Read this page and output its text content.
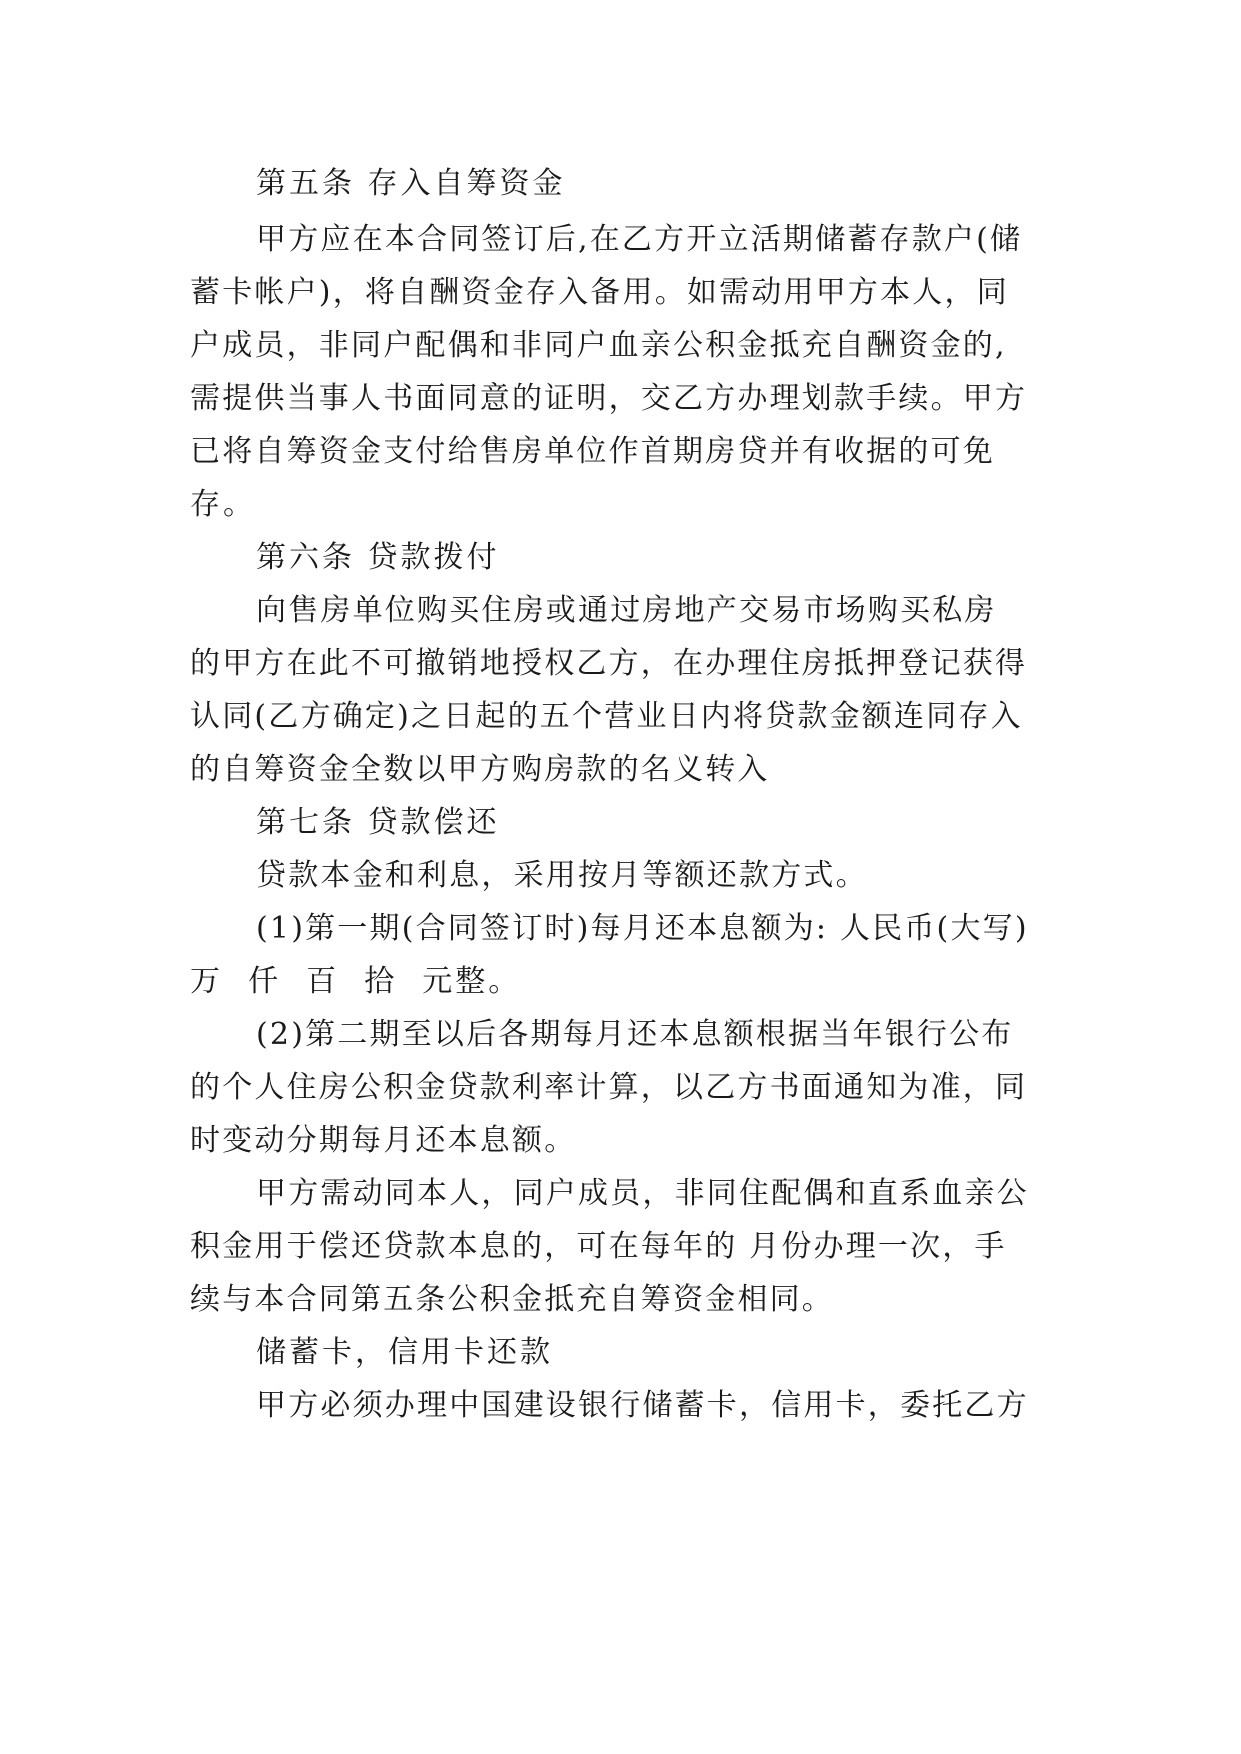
第五条 存入自筹资金

甲方应在本合同签订后,在乙方开立活期储蓄存款户(储

蓄卡帐户)，将自酬资金存入备用。如需动用甲方本人，同

户成员，非同户配偶和非同户血亲公积金抵充自酬资金的,

需提供当事人书面同意的证明，交乙方办理划款手续。甲方

已将自筹资金支付给售房单位作首期房贷并有收据的可免

存。

第六条 贷款拨付

向售房单位购买住房或通过房地产交易市场购买私房

的甲方在此不可撤销地授权乙方，在办理住房抵押登记获得

认同(乙方确定)之日起的五个营业日内将贷款金额连同存入

的自筹资金全数以甲方购房款的名义转入

第七条 贷款偿还

贷款本金和利息，采用按月等额还款方式。

(1)第一期(合同签订时)每月还本息额为: 人民币(大写)

万  仟  百  拾  元整。

(2)第二期至以后各期每月还本息额根据当年银行公布

的个人住房公积金贷款利率计算，以乙方书面通知为准，同

时变动分期每月还本息额。

甲方需动同本人，同户成员，非同住配偶和直系血亲公

积金用于偿还贷款本息的，可在每年的 月份办理一次，手

续与本合同第五条公积金抵充自筹资金相同。

储蓄卡，信用卡还款

甲方必须办理中国建设银行储蓄卡，信用卡，委托乙方
